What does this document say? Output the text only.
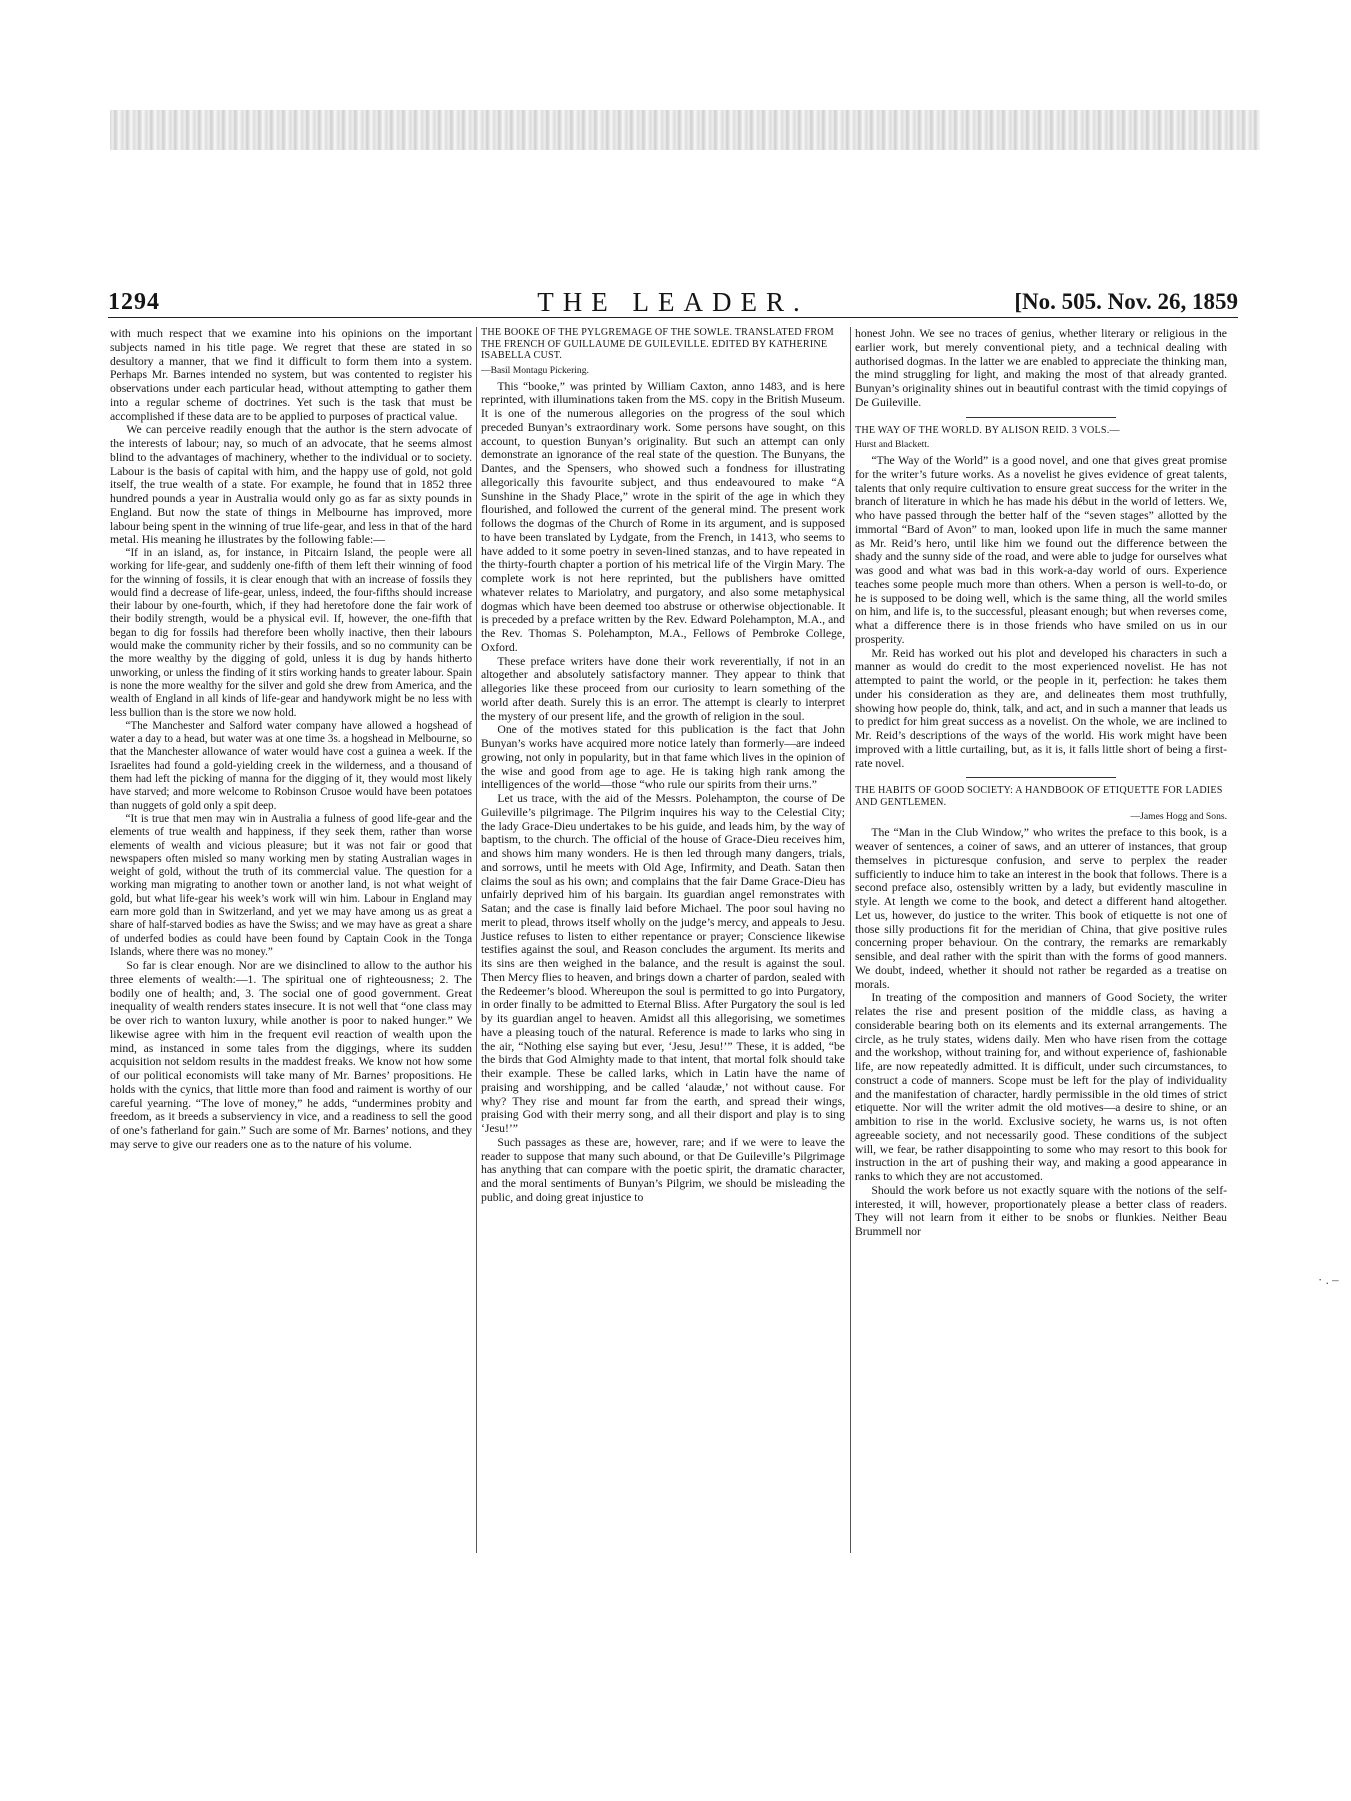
· . –
1294	THE LEADER.	[No. 505. Nov. 26, 1859

with much respect that we examine into his opinions on the important subjects named in his title page. We regret that these are stated in so desultory a manner, that we find it difficult to form them into a system. Perhaps Mr. Barnes intended no system, but was contented to register his observations under each particular head, without attempting to gather them into a regular scheme of doctrines. Yet such is the task that must be accomplished if these data are to be applied to purposes of practical value.

We can perceive readily enough that the author is the stern advocate of the interests of labour; nay, so much of an advocate, that he seems almost blind to the advantages of machinery, whether to the individual or to society. Labour is the basis of capital with him, and the happy use of gold, not gold itself, the true wealth of a state. For example, he found that in 1852 three hundred pounds a year in Australia would only go as far as sixty pounds in England. But now the state of things in Melbourne has improved, more labour being spent in the winning of true life-gear, and less in that of the hard metal. His meaning he illustrates by the following fable:—

“If in an island, as, for instance, in Pitcairn Island, the people were all working for life-gear, and suddenly one-fifth of them left their winning of food for the winning of fossils, it is clear enough that with an increase of fossils they would find a decrease of life-gear, unless, indeed, the four-fifths should increase their labour by one-fourth, which, if they had heretofore done the fair work of their bodily strength, would be a physical evil. If, however, the one-fifth that began to dig for fossils had therefore been wholly inactive, then their labours would make the community richer by their fossils, and so no community can be the more wealthy by the digging of gold, unless it is dug by hands hitherto unworking, or unless the finding of it stirs working hands to greater labour. Spain is none the more wealthy for the silver and gold she drew from America, and the wealth of England in all kinds of life-gear and handywork might be no less with less bullion than is the store we now hold.

“The Manchester and Salford water company have allowed a hogshead of water a day to a head, but water was at one time 3s. a hogshead in Melbourne, so that the Manchester allowance of water would have cost a guinea a week. If the Israelites had found a gold-yielding creek in the wilderness, and a thousand of them had left the picking of manna for the digging of it, they would most likely have starved; and more welcome to Robinson Crusoe would have been potatoes than nuggets of gold only a spit deep.

“It is true that men may win in Australia a fulness of good life-gear and the elements of true wealth and happiness, if they seek them, rather than worse elements of wealth and vicious pleasure; but it was not fair or good that newspapers often misled so many working men by stating Australian wages in weight of gold, without the truth of its commercial value. The question for a working man migrating to another town or another land, is not what weight of gold, but what life-gear his week’s work will win him. Labour in England may earn more gold than in Switzerland, and yet we may have among us as great a share of half-starved bodies as have the Swiss; and we may have as great a share of underfed bodies as could have been found by Captain Cook in the Tonga Islands, where there was no money.”

So far is clear enough. Nor are we disinclined to allow to the author his three elements of wealth:—1. The spiritual one of righteousness; 2. The bodily one of health; and, 3. The social one of good government. Great inequality of wealth renders states insecure. It is not well that “one class may be over rich to wanton luxury, while another is poor to naked hunger.” We likewise agree with him in the frequent evil reaction of wealth upon the mind, as instanced in some tales from the diggings, where its sudden acquisition not seldom results in the maddest freaks. We know not how some of our political economists will take many of Mr. Barnes’ propositions. He holds with the cynics, that little more than food and raiment is worthy of our careful yearning. “The love of money,” he adds, “undermines probity and freedom, as it breeds a subserviency in vice, and a readiness to sell the good of one’s fatherland for gain.” Such are some of Mr. Barnes’ notions, and they may serve to give our readers one as to the nature of his volume.

THE BOOKE OF THE PYLGREMAGE OF THE SOWLE. TRANSLATED FROM THE FRENCH OF GUILLAUME DE GUILEVILLE. EDITED BY KATHERINE ISABELLA CUST.
—Basil Montagu Pickering.

This “booke,” was printed by William Caxton, anno 1483, and is here reprinted, with illuminations taken from the MS. copy in the British Museum. It is one of the numerous allegories on the progress of the soul which preceded Bunyan’s extraordinary work. Some persons have sought, on this account, to question Bunyan’s originality. But such an attempt can only demonstrate an ignorance of the real state of the question. The Bunyans, the Dantes, and the Spensers, who showed such a fondness for illustrating allegorically this favourite subject, and thus endeavoured to make “A Sunshine in the Shady Place,” wrote in the spirit of the age in which they flourished, and followed the current of the general mind. The present work follows the dogmas of the Church of Rome in its argument, and is supposed to have been translated by Lydgate, from the French, in 1413, who seems to have added to it some poetry in seven-lined stanzas, and to have repeated in the thirty-fourth chapter a portion of his metrical life of the Virgin Mary. The complete work is not here reprinted, but the publishers have omitted whatever relates to Mariolatry, and purgatory, and also some metaphysical dogmas which have been deemed too abstruse or otherwise objectionable. It is preceded by a preface written by the Rev. Edward Polehampton, M.A., and the Rev. Thomas S. Polehampton, M.A., Fellows of Pembroke College, Oxford.

These preface writers have done their work reverentially, if not in an altogether and absolutely satisfactory manner. They appear to think that allegories like these proceed from our curiosity to learn something of the world after death. Surely this is an error. The attempt is clearly to interpret the mystery of our present life, and the growth of religion in the soul.

One of the motives stated for this publication is the fact that John Bunyan’s works have acquired more notice lately than formerly—are indeed growing, not only in popularity, but in that fame which lives in the opinion of the wise and good from age to age. He is taking high rank among the intelligences of the world—those “who rule our spirits from their urns.”

Let us trace, with the aid of the Messrs. Polehampton, the course of De Guileville’s pilgrimage. The Pilgrim inquires his way to the Celestial City; the lady Grace-Dieu undertakes to be his guide, and leads him, by the way of baptism, to the church. The official of the house of Grace-Dieu receives him, and shows him many wonders. He is then led through many dangers, trials, and sorrows, until he meets with Old Age, Infirmity, and Death. Satan then claims the soul as his own; and complains that the fair Dame Grace-Dieu has unfairly deprived him of his bargain. Its guardian angel remonstrates with Satan; and the case is finally laid before Michael. The poor soul having no merit to plead, throws itself wholly on the judge’s mercy, and appeals to Jesu. Justice refuses to listen to either repentance or prayer; Conscience likewise testifies against the soul, and Reason concludes the argument. Its merits and its sins are then weighed in the balance, and the result is against the soul. Then Mercy flies to heaven, and brings down a charter of pardon, sealed with the Redeemer’s blood. Whereupon the soul is permitted to go into Purgatory, in order finally to be admitted to Eternal Bliss. After Purgatory the soul is led by its guardian angel to heaven. Amidst all this allegorising, we sometimes have a pleasing touch of the natural. Reference is made to larks who sing in the air, “Nothing else saying but ever, ‘Jesu, Jesu!’” These, it is added, “be the birds that God Almighty made to that intent, that mortal folk should take their example. These be called larks, which in Latin have the name of praising and worshipping, and be called ‘alaudæ,’ not without cause. For why? They rise and mount far from the earth, and spread their wings, praising God with their merry song, and all their disport and play is to sing ‘Jesu!’”

Such passages as these are, however, rare; and if we were to leave the reader to suppose that many such abound, or that De Guileville’s Pilgrimage has anything that can compare with the poetic spirit, the dramatic character, and the moral sentiments of Bunyan’s Pilgrim, we should be misleading the public, and doing great injustice to

honest John. We see no traces of genius, whether literary or religious in the earlier work, but merely conventional piety, and a technical dealing with authorised dogmas. In the latter we are enabled to appreciate the thinking man, the mind struggling for light, and making the most of that already granted. Bunyan’s originality shines out in beautiful contrast with the timid copyings of De Guileville.

THE WAY OF THE WORLD. BY ALISON REID. 3 VOLS.—
Hurst and Blackett.

“The Way of the World” is a good novel, and one that gives great promise for the writer’s future works. As a novelist he gives evidence of great talents, talents that only require cultivation to ensure great success for the writer in the branch of literature in which he has made his début in the world of letters. We, who have passed through the better half of the “seven stages” allotted by the immortal “Bard of Avon” to man, looked upon life in much the same manner as Mr. Reid’s hero, until like him we found out the difference between the shady and the sunny side of the road, and were able to judge for ourselves what was good and what was bad in this work-a-day world of ours. Experience teaches some people much more than others. When a person is well-to-do, or he is supposed to be doing well, which is the same thing, all the world smiles on him, and life is, to the successful, pleasant enough; but when reverses come, what a difference there is in those friends who have smiled on us in our prosperity.

Mr. Reid has worked out his plot and developed his characters in such a manner as would do credit to the most experienced novelist. He has not attempted to paint the world, or the people in it, perfection: he takes them under his consideration as they are, and delineates them most truthfully, showing how people do, think, talk, and act, and in such a manner that leads us to predict for him great success as a novelist. On the whole, we are inclined to Mr. Reid’s descriptions of the ways of the world. His work might have been improved with a little curtailing, but, as it is, it falls little short of being a first-rate novel.

THE HABITS OF GOOD SOCIETY: A HANDBOOK OF ETIQUETTE FOR LADIES AND GENTLEMEN.
—James Hogg and Sons.

The “Man in the Club Window,” who writes the preface to this book, is a weaver of sentences, a coiner of saws, and an utterer of instances, that group themselves in picturesque confusion, and serve to perplex the reader sufficiently to induce him to take an interest in the book that follows. There is a second preface also, ostensibly written by a lady, but evidently masculine in style. At length we come to the book, and detect a different hand altogether. Let us, however, do justice to the writer. This book of etiquette is not one of those silly productions fit for the meridian of China, that give positive rules concerning proper behaviour. On the contrary, the remarks are remarkably sensible, and deal rather with the spirit than with the forms of good manners. We doubt, indeed, whether it should not rather be regarded as a treatise on morals.

In treating of the composition and manners of Good Society, the writer relates the rise and present position of the middle class, as having a considerable bearing both on its elements and its external arrangements. The circle, as he truly states, widens daily. Men who have risen from the cottage and the workshop, without training for, and without experience of, fashionable life, are now repeatedly admitted. It is difficult, under such circumstances, to construct a code of manners. Scope must be left for the play of individuality and the manifestation of character, hardly permissible in the old times of strict etiquette. Nor will the writer admit the old motives—a desire to shine, or an ambition to rise in the world. Exclusive society, he warns us, is not often agreeable society, and not necessarily good. These conditions of the subject will, we fear, be rather disappointing to some who may resort to this book for instruction in the art of pushing their way, and making a good appearance in ranks to which they are not accustomed.

Should the work before us not exactly square with the notions of the self-interested, it will, however, proportionately please a better class of readers. They will not learn from it either to be snobs or flunkies. Neither Beau Brummell nor
